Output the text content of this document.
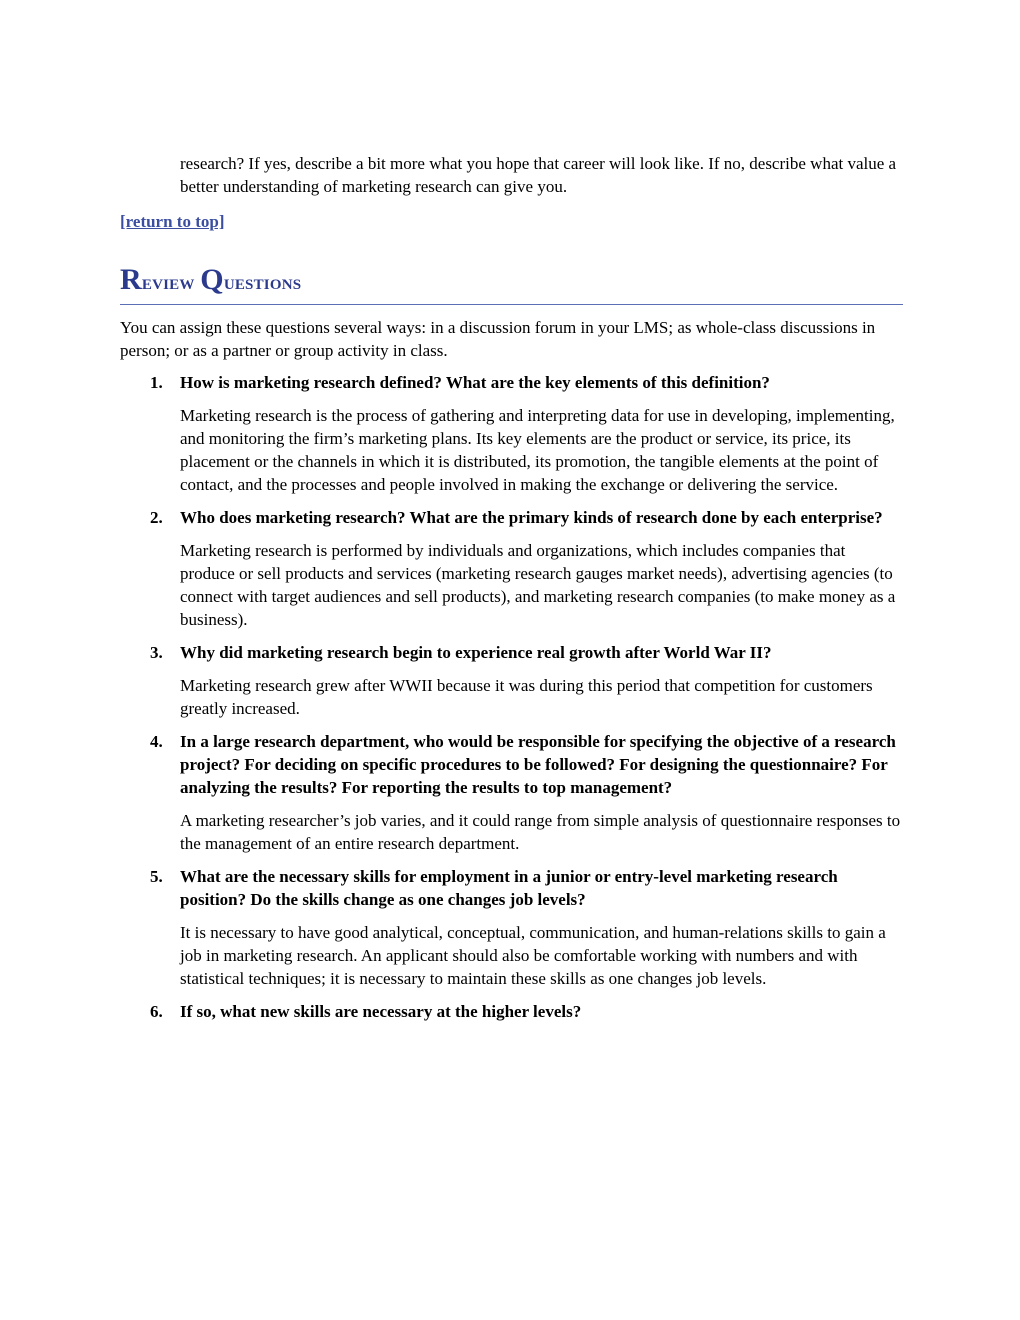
research? If yes, describe a bit more what you hope that career will look like. If no, describe what value a better understanding of marketing research can give you.

[return to top]
Review Questions

You can assign these questions several ways: in a discussion forum in your LMS; as whole-class discussions in person; or as a partner or group activity in class.

1. How is marketing research defined? What are the key elements of this definition?

Marketing research is the process of gathering and interpreting data for use in developing, implementing, and monitoring the firm’s marketing plans. Its key elements are the product or service, its price, its placement or the channels in which it is distributed, its promotion, the tangible elements at the point of contact, and the processes and people involved in making the exchange or delivering the service.

2. Who does marketing research? What are the primary kinds of research done by each enterprise?

Marketing research is performed by individuals and organizations, which includes companies that produce or sell products and services (marketing research gauges market needs), advertising agencies (to connect with target audiences and sell products), and marketing research companies (to make money as a business).

3. Why did marketing research begin to experience real growth after World War II?

Marketing research grew after WWII because it was during this period that competition for customers greatly increased.

4. In a large research department, who would be responsible for specifying the objective of a research project? For deciding on specific procedures to be followed? For designing the questionnaire? For analyzing the results? For reporting the results to top management?

A marketing researcher’s job varies, and it could range from simple analysis of questionnaire responses to the management of an entire research department.

5. What are the necessary skills for employment in a junior or entry-level marketing research position? Do the skills change as one changes job levels?

It is necessary to have good analytical, conceptual, communication, and human-relations skills to gain a job in marketing research. An applicant should also be comfortable working with numbers and with statistical techniques; it is necessary to maintain these skills as one changes job levels.

6. If so, what new skills are necessary at the higher levels?
